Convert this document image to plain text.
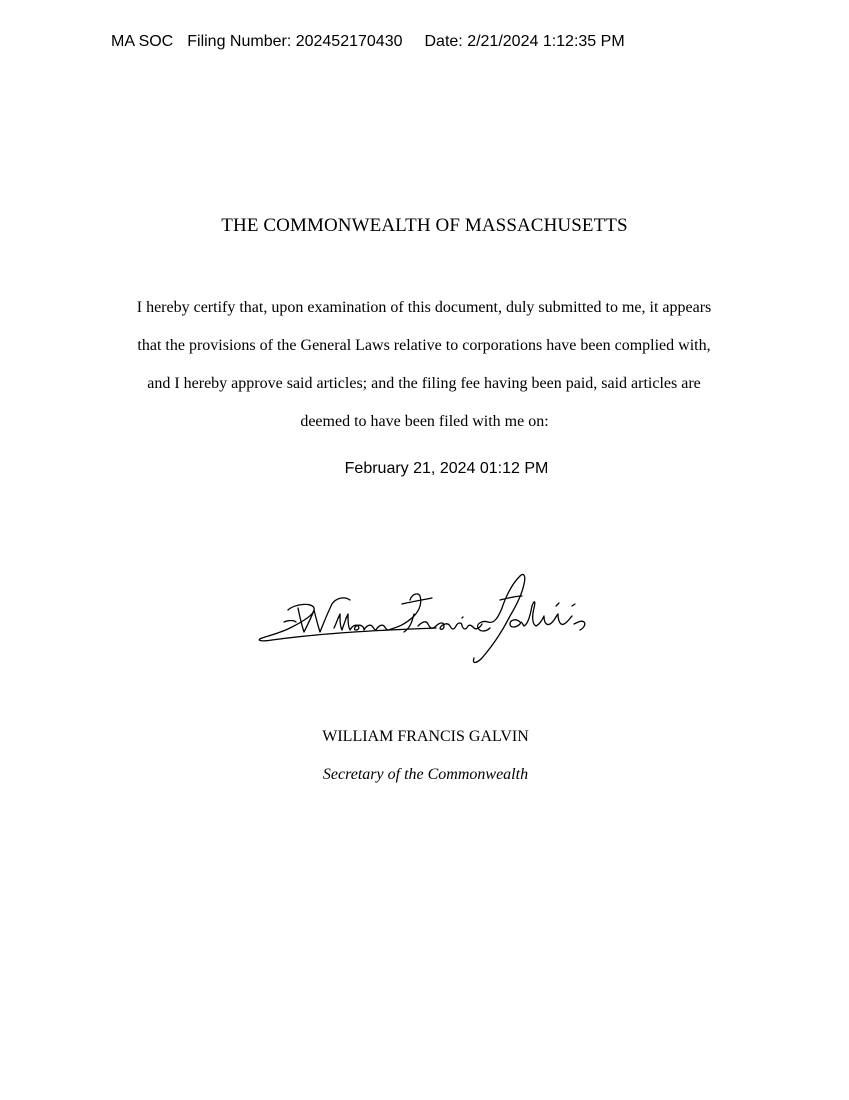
MA SOC Filing Number: 202452170430 Date: 2/21/2024 1:12:35 PM
THE COMMONWEALTH OF MASSACHUSETTS
I hereby certify that, upon examination of this document, duly submitted to me, it appears
that the provisions of the General Laws relative to corporations have been complied with,
and I hereby approve said articles; and the filing fee having been paid, said articles are
deemed to have been filed with me on:
February 21, 2024 01:12 PM
WILLIAM FRANCIS GALVIN
Secretary of the Commonwealth
